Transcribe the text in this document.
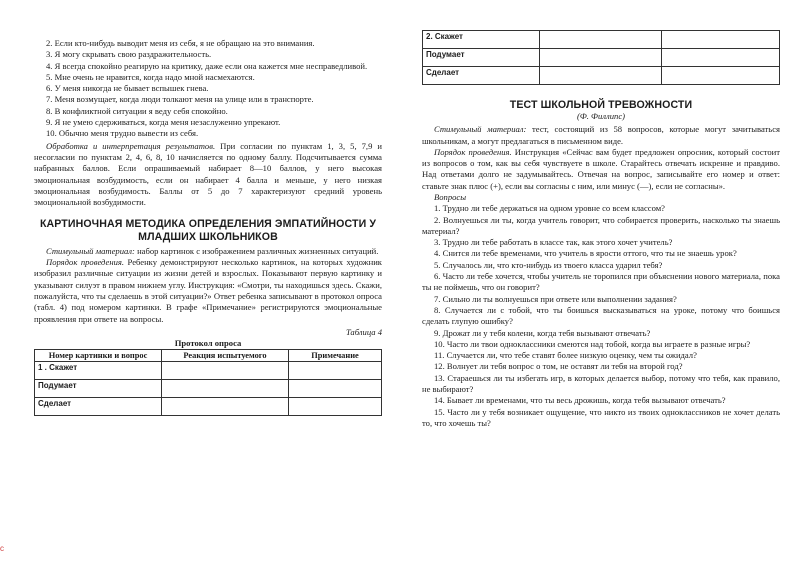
2. Если кто-нибудь выводит меня из себя, я не обращаю на это внимания.

3. Я могу скрывать свою раздражительность.

4. Я всегда спокойно реагирую на критику, даже если она кажется мне несправедливой.

5. Мне очень не нравится, когда надо мной насмехаются.

6. У меня никогда не бывает вспышек гнева.

7. Меня возмущает, когда люди толкают меня на улице или в транспорте.

8. В конфликтной ситуации я веду себя спокойно.

9. Я не умею сдерживаться, когда меня незаслуженно упрекают.

10. Обычно меня трудно вывести из себя.

Обработка и интерпретация результатов. При согласии по пунктам 1, 3, 5, 7,9 и несогласии по пунктам 2, 4, 6, 8, 10 начисляется по одному баллу. Подсчитывается сумма набранных баллов. Если опрашиваемый набирает 8—10 баллов, у него высокая эмоциональная возбудимость, если он набирает 4 балла и меньше, у него низкая эмоциональная возбудимость. Баллы от 5 до 7 характеризуют средний уровень эмоциональной возбудимости.

КАРТИНОЧНАЯ МЕТОДИКА ОПРЕДЕЛЕНИЯ ЭМПАТИЙНОСТИ У МЛАДШИХ ШКОЛЬНИКОВ

Стимульный материал: набор картинок с изображением различных жизненных ситуаций.

Порядок проведения. Ребенку демонстрируют несколько картинок, на которых художник изобразил различные ситуации из жизни детей и взрослых. Показывают первую картинку и указывают силуэт в правом нижнем углу. Инструкция: «Смотри, ты находишься здесь. Скажи, пожалуйста, что ты сделаешь в этой ситуации?» Ответ ребенка записывают в протокол опроса (табл. 4) под номером картинки. В графе «Примечание» регистрируются эмоциональные проявления при ответе на вопросы.

Таблица 4
Протокол опроса
Номер картинки и вопрос	Реакция испытуемого	Примечание
1 . Скажет		
Подумает		
Сделает		
2. Скажет		
Подумает		
Сделает		
ТЕСТ ШКОЛЬНОЙ ТРЕВОЖНОСТИ
(Ф. Филлипс)

Стимульный материал: тест, состоящий из 58 вопросов, которые могут зачитываться школьникам, а могут предлагаться в письменном виде.

Порядок проведения. Инструкция «Сейчас вам будет предложен опросник, который состоит из вопросов о том, как вы себя чувствуете в школе. Старайтесь отвечать искренне и правдиво. Над ответами долго не задумывайтесь. Отвечая на вопрос, записывайте его номер и ответ: ставьте знак плюс (+), если вы согласны с ним, или минус (—), если не согласны».

Вопросы

1. Трудно ли тебе держаться на одном уровне со всем классом?

2. Волнуешься ли ты, когда учитель говорит, что собирается проверить, насколько ты знаешь материал?

3. Трудно ли тебе работать в классе так, как этого хочет учитель?

4. Снится ли тебе временами, что учитель в ярости оттого, что ты не знаешь урок?

5. Случалось ли, что кто-нибудь из твоего класса ударил тебя?

6. Часто ли тебе хочется, чтобы учитель не торопился при объяснении нового материала, пока ты не поймешь, что он говорит?

7. Сильно ли ты волнуешься при ответе или выполнении задания?

8. Случается ли с тобой, что ты боишься высказываться на уроке, потому что боишься сделать глупую ошибку?

9. Дрожат ли у тебя колени, когда тебя вызывают отвечать?

10. Часто ли твои одноклассники смеются над тобой, когда вы играете в разные игры?

11. Случается ли, что тебе ставят более низкую оценку, чем ты ожидал?

12. Волнует ли тебя вопрос о том, не оставят ли тебя на второй год?

13. Стараешься ли ты избегать игр, в которых делается выбор, потому что тебя, как правило, не выбирают?

14. Бывает ли временами, что ты весь дрожишь, когда тебя вызывают отвечать?

15. Часто ли у тебя возникает ощущение, что никто из твоих одноклассников не хочет делать то, что хочешь ты?

c
